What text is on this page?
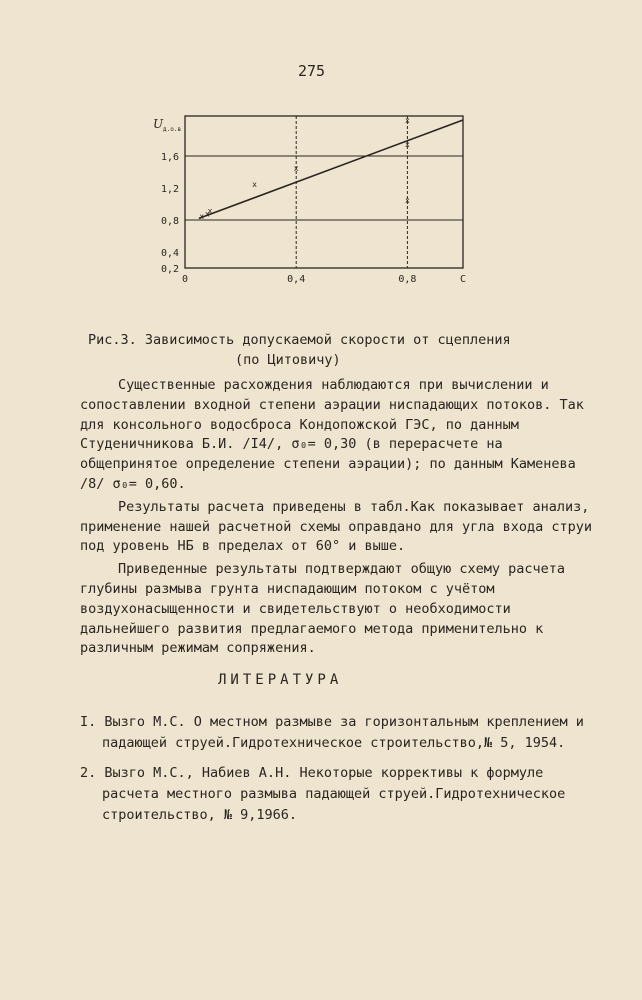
275
x x
x
x
x
x
x
x
0	0,4	0,8	C
0,2
0,4
0,8
1,2
1,6
U д.о.в
Рис.3. Зависимость допускаемой скорости от сцепления
(по Цитовичу)

Существенные расхождения наблюдаются при вычислении и сопоставлении входной степени аэрации ниспадающих потоков. Так для консольного водосброса Кондопожской ГЭС, по данным Студеничникова Б.И. /I4/, σ₀= 0,30 (в перерасчете на общепринятое определение степени аэрации); по данным Каменева /8/ σ₀= 0,60.

Результаты расчета приведены в табл.Как показывает анализ, применение нашей расчетной схемы оправдано для угла входа струи под уровень НБ в пределах от 60° и выше.

Приведенные результаты подтверждают общую схему расчета глубины размыва грунта ниспадающим потоком с учётом воздухонасыщенности и свидетельствуют о необходимости дальнейшего развития предлагаемого метода применительно к различным режимам сопряжения.

ЛИТЕРАТУРА
I. Вызго М.С. О местном размыве за горизонтальным креплением и падающей струей.Гидротехническое строительство,№ 5, 1954.
2. Вызго М.С., Набиев А.Н. Некоторые коррективы к формуле расчета местного размыва падающей струей.Гидротехническое строительство, № 9,1966.
